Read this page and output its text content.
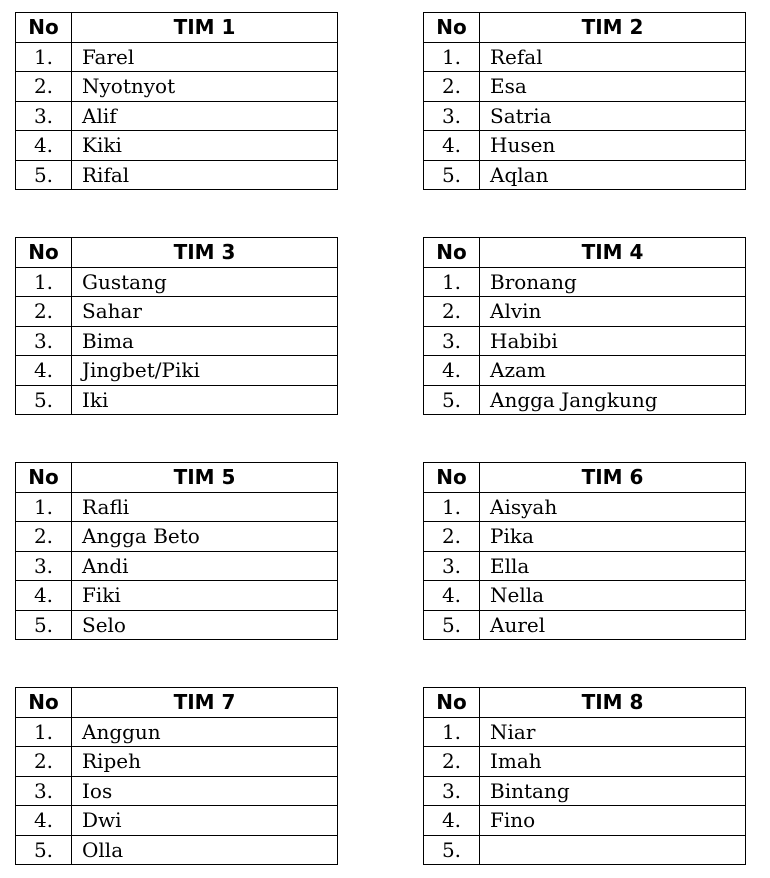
No	TIM 1
1.	Farel
2.	Nyotnyot
3.	Alif
4.	Kiki
5.	Rifal
No	TIM 2
1.	Refal
2.	Esa
3.	Satria
4.	Husen
5.	Aqlan
No	TIM 3
1.	Gustang
2.	Sahar
3.	Bima
4.	Jingbet/Piki
5.	Iki
No	TIM 4
1.	Bronang
2.	Alvin
3.	Habibi
4.	Azam
5.	Angga Jangkung
No	TIM 5
1.	Rafli
2.	Angga Beto
3.	Andi
4.	Fiki
5.	Selo
No	TIM 6
1.	Aisyah
2.	Pika
3.	Ella
4.	Nella
5.	Aurel
No	TIM 7
1.	Anggun
2.	Ripeh
3.	Ios
4.	Dwi
5.	Olla
No	TIM 8
1.	Niar
2.	Imah
3.	Bintang
4.	Fino
5.	
